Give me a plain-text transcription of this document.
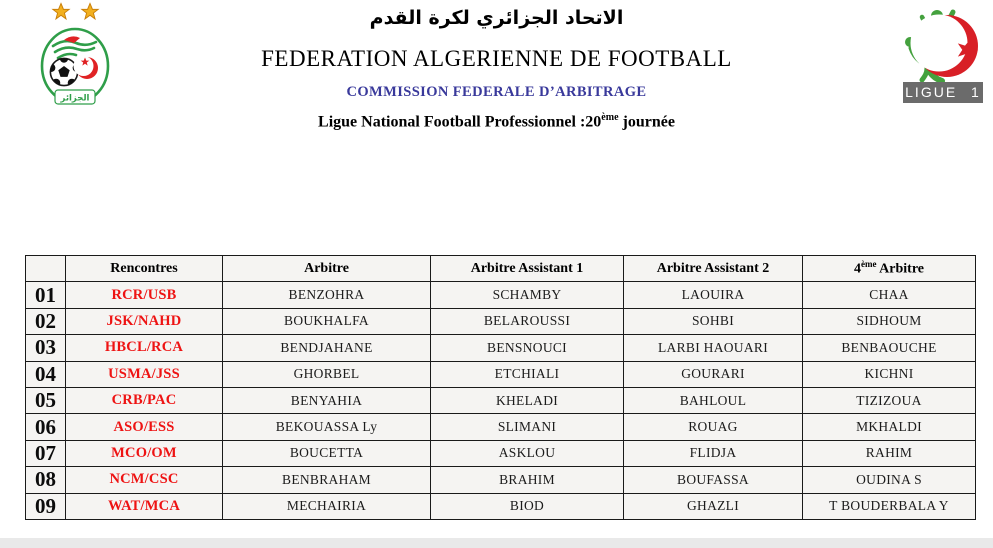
الجزائر
الاتحاد الجزائري لكرة القدم
FEDERATION ALGERIENNE DE FOOTBALL
COMMISSION FEDERALE D’ARBITRAGE
Ligue National Football Professionnel :20ème journée
LIGUE 1
	Rencontres	Arbitre	Arbitre Assistant 1	Arbitre Assistant 2	4ème Arbitre
01	RCR/USB	BENZOHRA	SCHAMBY	LAOUIRA	CHAA
02	JSK/NAHD	BOUKHALFA	BELAROUSSI	SOHBI	SIDHOUM
03	HBCL/RCA	BENDJAHANE	BENSNOUCI	LARBI HAOUARI	BENBAOUCHE
04	USMA/JSS	GHORBEL	ETCHIALI	GOURARI	KICHNI
05	CRB/PAC	BENYAHIA	KHELADI	BAHLOUL	TIZIZOUA
06	ASO/ESS	BEKOUASSA Ly	SLIMANI	ROUAG	MKHALDI
07	MCO/OM	BOUCETTA	ASKLOU	FLIDJA	RAHIM
08	NCM/CSC	BENBRAHAM	BRAHIM	BOUFASSA	OUDINA S
09	WAT/MCA	MECHAIRIA	BIOD	GHAZLI	T BOUDERBALA Y
